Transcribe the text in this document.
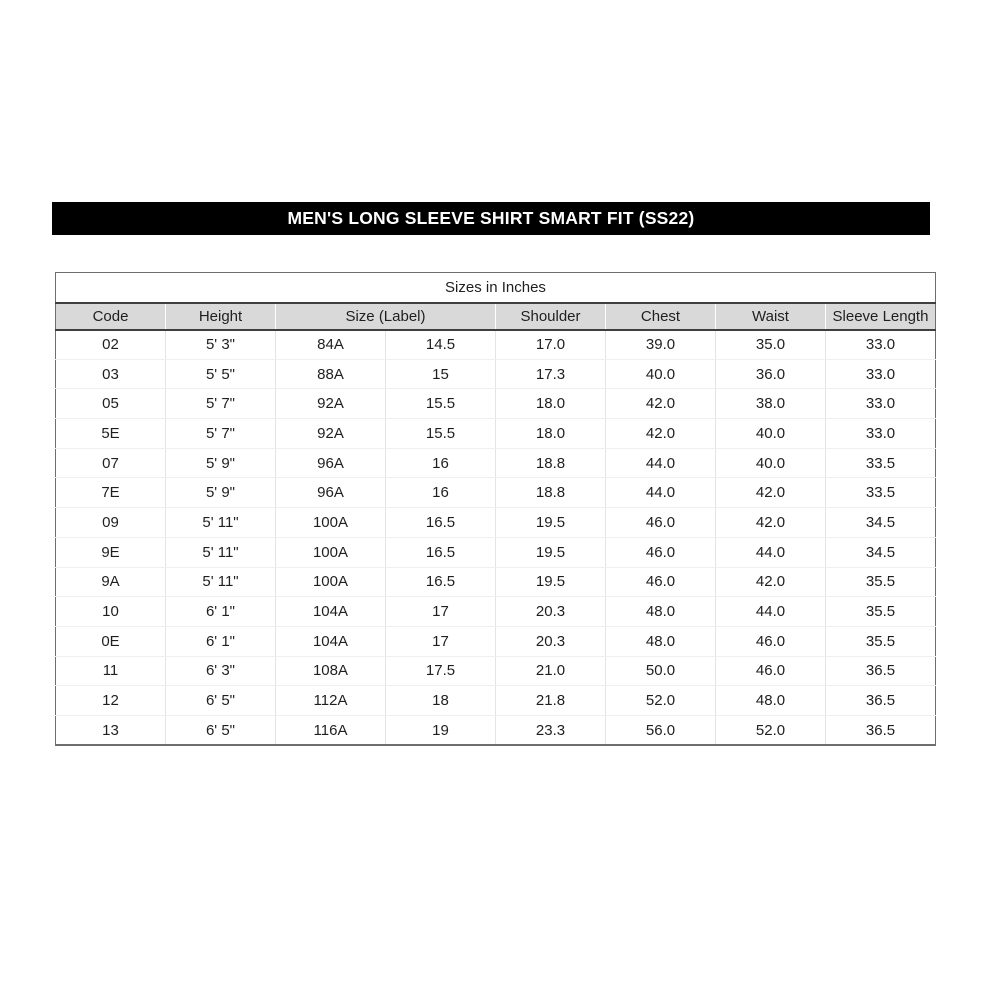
MEN'S LONG SLEEVE SHIRT SMART FIT (SS22)
Sizes in Inches							
Code	Height	Size (Label)		Shoulder	Chest	Waist	Sleeve Length
02	5' 3"	84A	14.5	17.0	39.0	35.0	33.0
03	5' 5"	88A	15	17.3	40.0	36.0	33.0
05	5' 7"	92A	15.5	18.0	42.0	38.0	33.0
5E	5' 7"	92A	15.5	18.0	42.0	40.0	33.0
07	5' 9"	96A	16	18.8	44.0	40.0	33.5
7E	5' 9"	96A	16	18.8	44.0	42.0	33.5
09	5' 11"	100A	16.5	19.5	46.0	42.0	34.5
9E	5' 11"	100A	16.5	19.5	46.0	44.0	34.5
9A	5' 11"	100A	16.5	19.5	46.0	42.0	35.5
10	6' 1"	104A	17	20.3	48.0	44.0	35.5
0E	6' 1"	104A	17	20.3	48.0	46.0	35.5
11	6' 3"	108A	17.5	21.0	50.0	46.0	36.5
12	6' 5"	112A	18	21.8	52.0	48.0	36.5
13	6' 5"	116A	19	23.3	56.0	52.0	36.5
